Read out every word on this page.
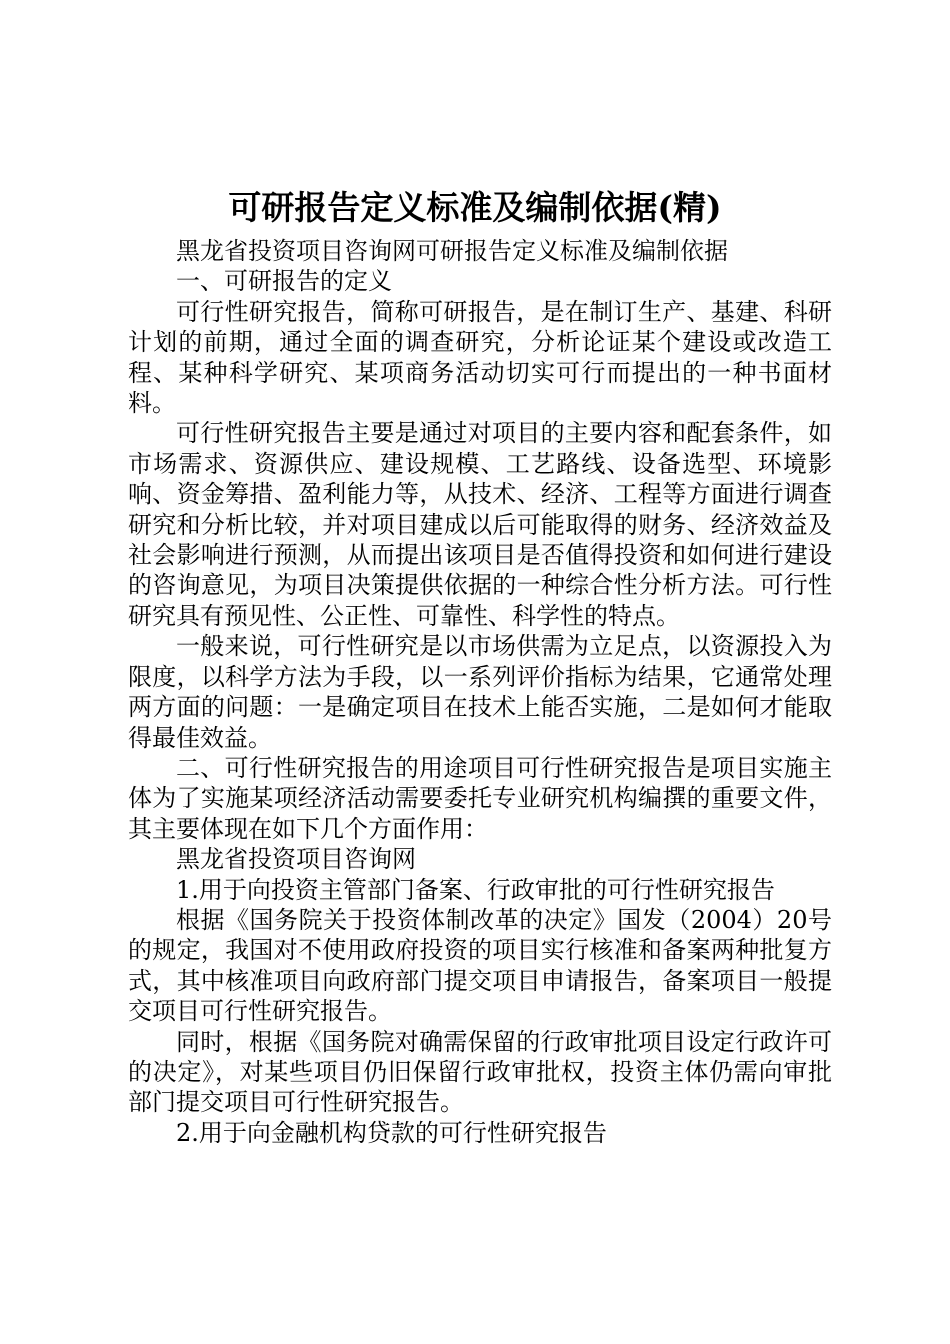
可研报告定义标准及编制依据(精)

黑龙省投资项目咨询网可研报告定义标准及编制依据

一、可研报告的定义

可行性研究报告，简称可研报告，是在制订生产、基建、科研计划的前期，通过全面的调查研究，分析论证某个建设或改造工程、某种科学研究、某项商务活动切实可行而提出的一种书面材料。

可行性研究报告主要是通过对项目的主要内容和配套条件，如市场需求、资源供应、建设规模、工艺路线、设备选型、环境影响、资金筹措、盈利能力等，从技术、经济、工程等方面进行调查研究和分析比较，并对项目建成以后可能取得的财务、经济效益及社会影响进行预测，从而提出该项目是否值得投资和如何进行建设的咨询意见，为项目决策提供依据的一种综合性分析方法。可行性研究具有预见性、公正性、可靠性、科学性的特点。

一般来说，可行性研究是以市场供需为立足点，以资源投入为限度，以科学方法为手段，以一系列评价指标为结果，它通常处理两方面的问题：一是确定项目在技术上能否实施，二是如何才能取得最佳效益。

二、可行性研究报告的用途项目可行性研究报告是项目实施主体为了实施某项经济活动需要委托专业研究机构编撰的重要文件，其主要体现在如下几个方面作用：

黑龙省投资项目咨询网

1.用于向投资主管部门备案、行政审批的可行性研究报告

根据《国务院关于投资体制改革的决定》国发（2004）20号的规定，我国对不使用政府投资的项目实行核准和备案两种批复方式，其中核准项目向政府部门提交项目申请报告，备案项目一般提交项目可行性研究报告。

同时，根据《国务院对确需保留的行政审批项目设定行政许可的决定》，对某些项目仍旧保留行政审批权，投资主体仍需向审批部门提交项目可行性研究报告。

2.用于向金融机构贷款的可行性研究报告
